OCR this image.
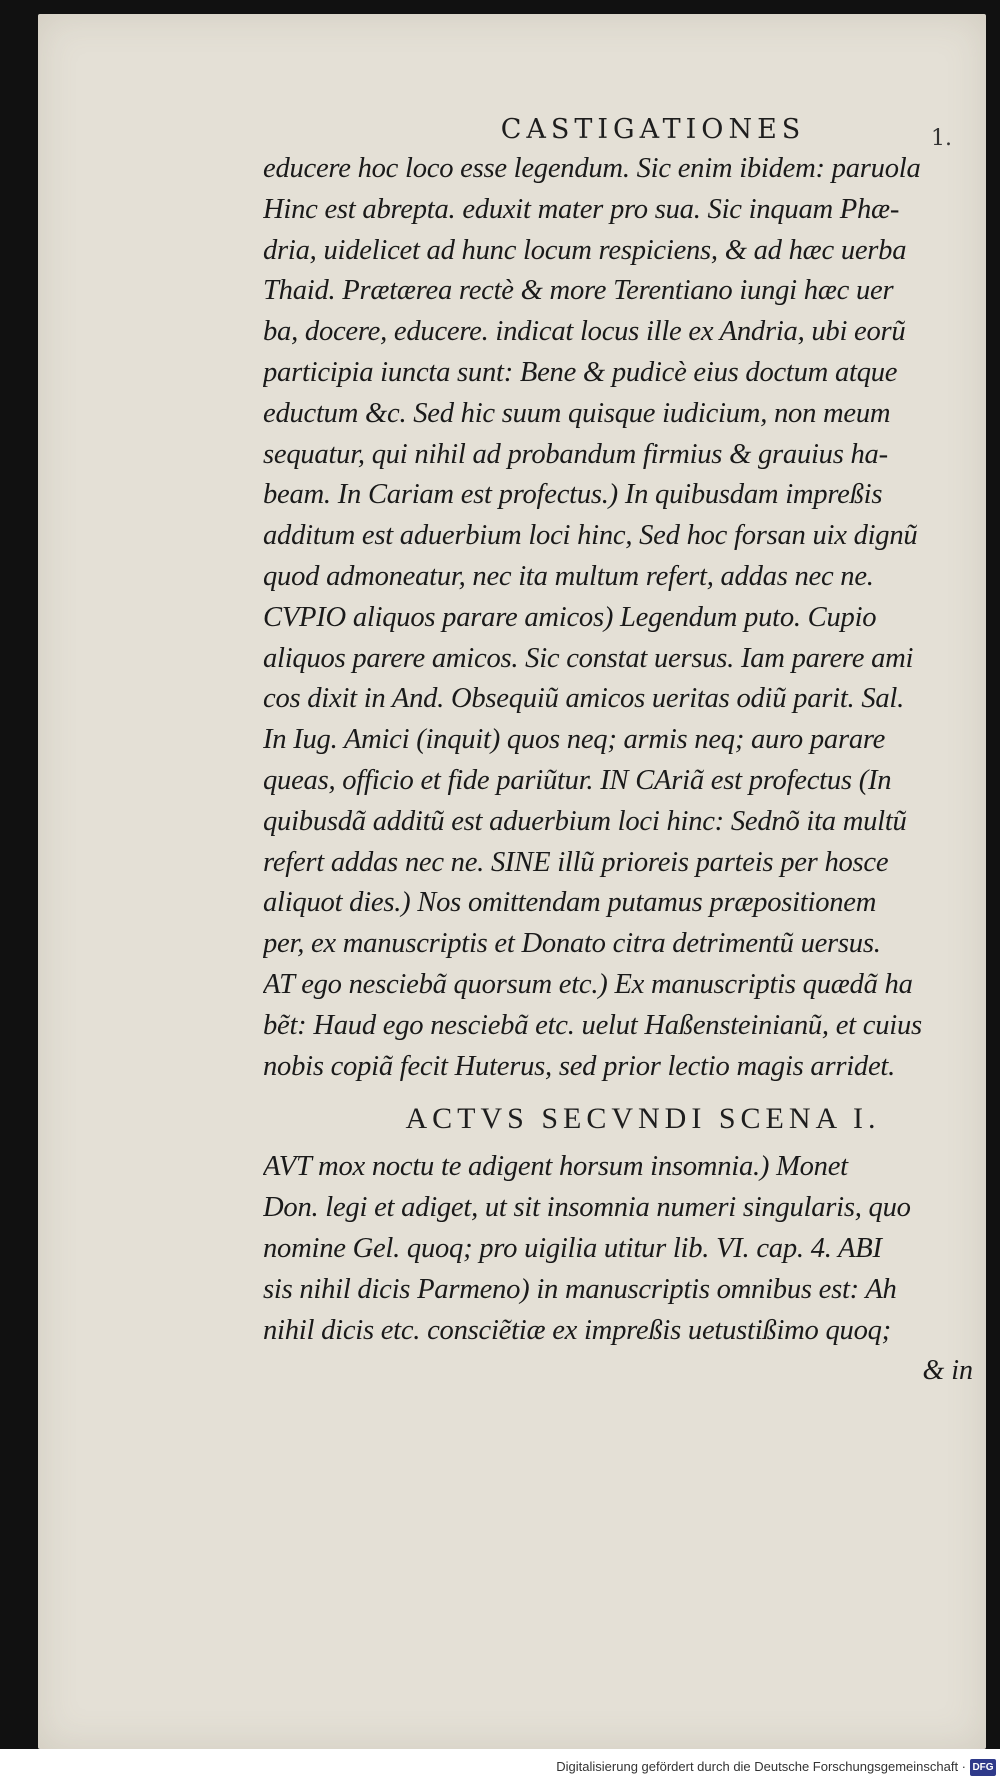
1.
CASTIGATIONES
educere hoc loco esse legendum. Sic enim ibidem: paruola
Hinc est abrepta. eduxit mater pro sua. Sic inquam Phæ-
dria, uidelicet ad hunc locum respiciens, & ad hæc uerba
Thaid. Prætærea rectè & more Terentiano iungi hæc uer
ba, docere, educere. indicat locus ille ex Andria, ubi eorũ
participia iuncta sunt: Bene & pudicè eius doctum atque
eductum &c. Sed hic suum quisque iudicium, non meum
sequatur, qui nihil ad probandum firmius & grauius ha-
beam. In Cariam est profectus.) In quibusdam impreßis
additum est aduerbium loci hinc, Sed hoc forsan uix dignũ
quod admoneatur, nec ita multum refert, addas nec ne.
CVPIO aliquos parare amicos) Legendum puto. Cupio
aliquos parere amicos. Sic constat uersus. Iam parere ami
cos dixit in And. Obsequiũ amicos ueritas odiũ parit. Sal.
In Iug. Amici (inquit) quos neq; armis neq; auro parare
queas, officio et fide pariũtur. IN CAriã est profectus (In
quibusdã additũ est aduerbium loci hinc: Sednõ ita multũ
refert addas nec ne. SINE illũ prioreis parteis per hosce
aliquot dies.) Nos omittendam putamus præpositionem
per, ex manuscriptis et Donato citra detrimentũ uersus.
AT ego nesciebã quorsum etc.) Ex manuscriptis quædã ha
bẽt: Haud ego nesciebã etc. uelut Haßensteinianũ, et cuius
nobis copiã fecit Huterus, sed prior lectio magis arridet.
ACTVS SECVNDI SCENA I.
AVT mox noctu te adigent horsum insomnia.) Monet
Don. legi et adiget, ut sit insomnia numeri singularis, quo
nomine Gel. quoq; pro uigilia utitur lib. VI. cap. 4. ABI
sis nihil dicis Parmeno) in manuscriptis omnibus est: Ah
nihil dicis etc. consciẽtiæ ex impreßis uetustißimo quoq;
& in
Digitalisierung gefördert durch die Deutsche Forschungsgemeinschaft · DFG
